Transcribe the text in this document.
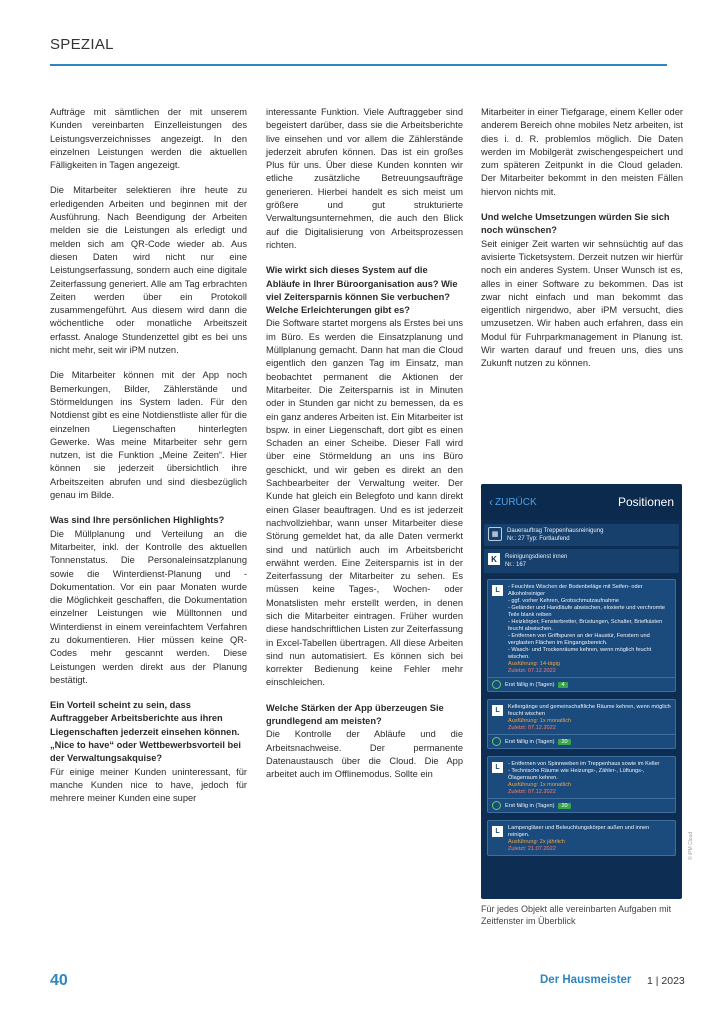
SPEZIAL

Aufträge mit sämtlichen der mit unserem Kunden vereinbarten Einzelleistungen des Leistungsverzeichnisses angezeigt. In den einzelnen Leistungen werden die aktuellen Fälligkeiten in Tagen angezeigt.

Die Mitarbeiter selektieren ihre heute zu erledigenden Arbeiten und beginnen mit der Ausführung. Nach Beendigung der Arbeiten melden sie die Leistungen als erledigt und melden sich am QR-Code wieder ab. Aus diesen Daten wird nicht nur eine Leistungserfassung, sondern auch eine digitale Zeiterfassung generiert. Alle am Tag erbrachten Zeiten werden über ein Protokoll zusammengeführt. Aus diesem wird dann die wöchentliche oder monatliche Arbeitszeit erfasst. Analoge Stundenzettel gibt es bei uns nicht mehr, seit wir iPM nutzen.

Die Mitarbeiter können mit der App noch Bemerkungen, Bilder, Zählerstände und Störmeldungen ins System laden. Für den Notdienst gibt es eine Notdienstliste aller für die einzelnen Liegenschaften hinterlegten Gewerke. Was meine Mitarbeiter sehr gern nutzen, ist die Funktion „Meine Zeiten“. Hier können sie jederzeit übersichtlich ihre Arbeitszeiten abrufen und sind diesbezüglich genau im Bilde.

Was sind Ihre persönlichen Highlights?

Die Müllplanung und Verteilung an die Mitarbeiter, inkl. der Kontrolle des aktuellen Tonnenstatus. Die Personaleinsatzplanung sowie die Winterdienst-Planung und -Dokumentation. Vor ein paar Monaten wurde die Möglichkeit geschaffen, die Dokumentation einzelner Leistungen wie Mülltonnen und Winterdienst in einem vereinfachtem Verfahren zu dokumentieren. Hier müssen keine QR-Codes mehr gescannt werden. Diese Leistungen werden direkt aus der Planung bestätigt.

Ein Vorteil scheint zu sein, dass Auftraggeber Arbeitsberichte aus ihren Liegenschaften jederzeit einsehen können. „Nice to have“ oder Wettbewerbsvorteil bei der Verwaltungsakquise?

Für einige meiner Kunden uninteressant, für manche Kunden nice to have, jedoch für mehrere meiner Kunden eine super

interessante Funktion. Viele Auftraggeber sind begeistert darüber, dass sie die Arbeitsberichte live einsehen und vor allem die Zählerstände jederzeit abrufen können. Das ist ein großes Plus für uns. Über diese Kunden konnten wir etliche zusätzliche Betreuungsaufträge generieren. Hierbei handelt es sich meist um größere und gut strukturierte Verwaltungsunternehmen, die auch den Blick auf die Digitalisierung von Arbeitsprozessen richten.

Wie wirkt sich dieses System auf die Abläufe in Ihrer Büroorganisation aus? Wie viel Zeitersparnis können Sie verbuchen? Welche Erleichterungen gibt es?

Die Software startet morgens als Erstes bei uns im Büro. Es werden die Einsatzplanung und Müllplanung gemacht. Dann hat man die Cloud eigentlich den ganzen Tag im Einsatz, man beobachtet permanent die Aktionen der Mitarbeiter. Die Zeitersparnis ist in Minuten oder in Stunden gar nicht zu bemessen, da es ein ganz anderes Arbeiten ist. Ein Mitarbeiter ist bspw. in einer Liegenschaft, dort gibt es einen Schaden an einer Scheibe. Dieser Fall wird über eine Störmeldung an uns ins Büro geschickt, und wir geben es direkt an den Sachbearbeiter der Verwaltung weiter. Der Kunde hat gleich ein Belegfoto und kann direkt einen Glaser beauftragen. Und es ist jederzeit nachvollziehbar, wann unser Mitarbeiter diese Störung gemeldet hat, da alle Daten vermerkt sind und natürlich auch im Arbeitsbericht erwähnt werden. Eine Zeitersparnis ist in der Zeiterfassung der Mitarbeiter zu sehen. Es müssen keine Tages-, Wochen- oder Monatslisten mehr erstellt werden, in denen sich die Mitarbeiter eintragen. Früher wurden diese handschriftlichen Listen zur Zeiterfassung in Excel-Tabellen übertragen. All diese Arbeiten sind nun automatisiert. Es können sich bei korrekter Bedienung keine Fehler mehr einschleichen.

Welche Stärken der App überzeugen Sie grundlegend am meisten?

Die Kontrolle der Abläufe und die Arbeitsnachweise. Der permanente Datenaustausch über die Cloud. Die App arbeitet auch im Offlinemodus. Sollte ein

Mitarbeiter in einer Tiefgarage, einem Keller oder anderem Bereich ohne mobiles Netz arbeiten, ist dies i. d. R. problemlos möglich. Die Daten werden im Mobilgerät zwischengespeichert und zum späteren Zeitpunkt in die Cloud geladen. Der Mitarbeiter bekommt in den meisten Fällen hiervon nichts mit.

Und welche Umsetzungen würden Sie sich noch wünschen?

Seit einiger Zeit warten wir sehnsüchtig auf das avisierte Ticketsystem. Derzeit nutzen wir hierfür noch ein anderes System. Unser Wunsch ist es, alles in einer Software zu bekommen. Das ist zwar nicht einfach und man bekommt das eigentlich nirgendwo, aber iPM versucht, dies umzusetzen. Wir haben auch erfahren, dass ein Modul für Fuhrparkmanagement in Planung ist. Wir warten darauf und freuen uns, dies uns Zukunft nutzen zu können.

‹ ZURÜCK	Positionen
▦	Dauerauftrag Treppenhausreinigung
Nr.: 27 Typ: Fortlaufend
K	Reinigungsdienst innen
Nr.: 167
L	- Feuchtes Wischen der Bodenbeläge mit Seifen- oder Alkoholreiniger
- ggf. vorher Kehren, Grobschmutzaufnahme
- Geländer und Handläufe abwischen, eloxierte und verchromte Teile blank reiben
- Heizkörper, Fensterbretter, Brüstungen, Schalter, Briefkästen feucht abwischen.
- Entfernen von Griffspuren an der Haustür, Fenstern und verglasten Flächen im Eingangsbereich.
- Wasch- und Trockenräume kehren, wenn möglich feucht wischen.
Ausführung: 14-tägig
Zuletzt: 07.12.2022
Erst fällig in (Tagen)	4
L	Kellergänge und gemeinschaftliche Räume kehren, wenn möglich feucht wischen
Ausführung: 1x monatlich
Zuletzt: 07.12.2022
Erst fällig in (Tagen)	20
L	- Entfernen von Spinnweben im Treppenhaus sowie im Keller
- Technische Räume wie Heizungs-, Zähler-, Lüftungs-, Ölagerraum kehren.
Ausführung: 1x monatlich
Zuletzt: 07.12.2022
Erst fällig in (Tagen)	20
L	Lampengläser und Beleuchtungskörper außen und innen reinigen.
Ausführung: 2x jährlich
Zuletzt: 21.07.2022	© iPM Cloud
Für jedes Objekt alle vereinbarten Aufgaben mit Zeitfenster im Überblick
40	Der Hausmeister 1 | 2023
